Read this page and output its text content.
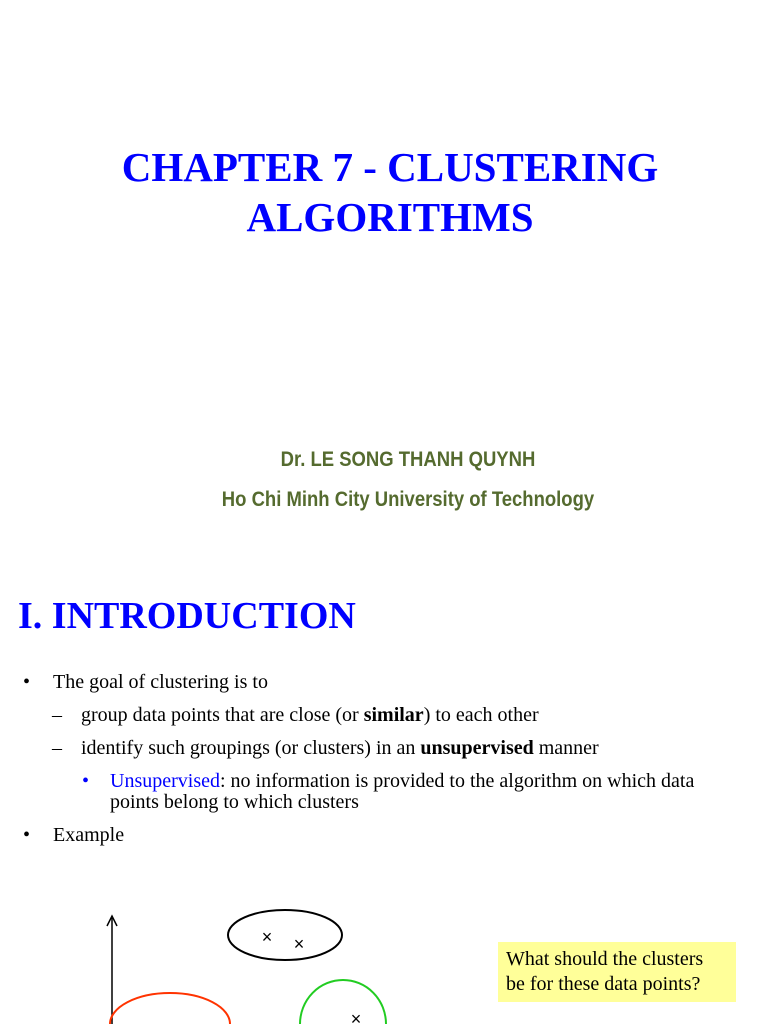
CHAPTER 7 - CLUSTERING
ALGORITHMS
Dr. LE SONG THANH QUYNH
Ho Chi Minh City University of Technology
I. INTRODUCTION
• The goal of clustering is to
– group data points that are close (or similar) to each other
– identify such groupings (or clusters) in an unsupervised manner
• Unsupervised: no information is provided to the algorithm on which data
points belong to which clusters
• Example
× ×
×
What should the clusters
be for these data points?
